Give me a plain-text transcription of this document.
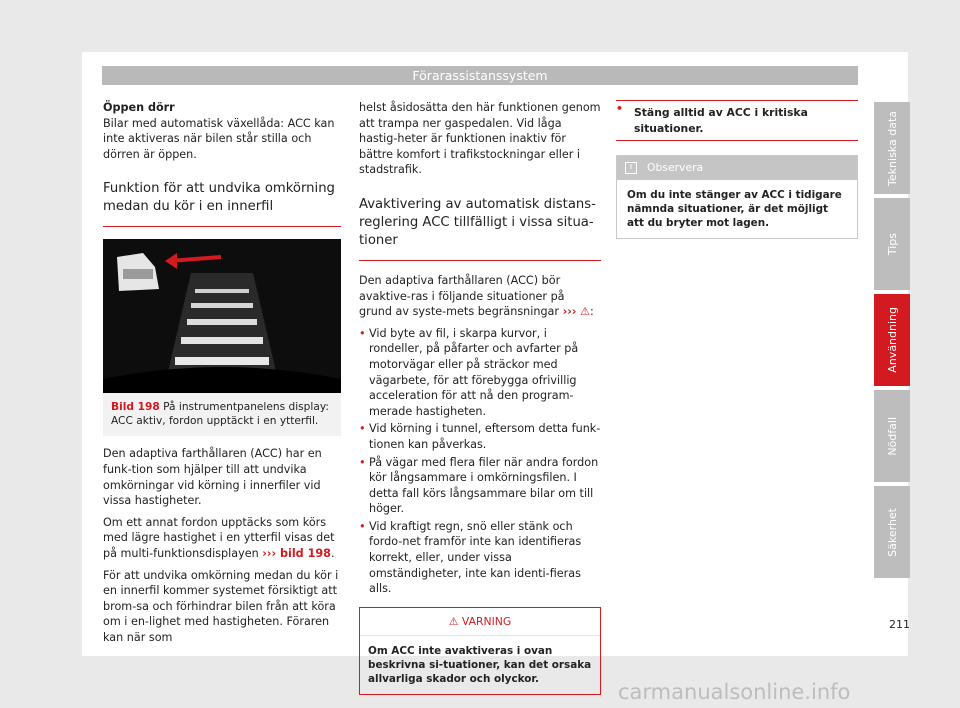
Förarassistanssystem
Öppen dörr
Bilar med automatisk växellåda: ACC kan inte aktiveras när bilen står stilla och dörren är öppen.
Funktion för att undvika omkörning medan du kör i en innerfil
Bild 198 På instrumentpanelens display: ACC aktiv, fordon upptäckt i en ytterfil.
Den adaptiva farthållaren (ACC) har en funk-tion som hjälper till att undvika omkörningar vid körning i innerfiler vid vissa hastigheter.
Om ett annat fordon upptäcks som körs med lägre hastighet i en ytterfil visas det på multi-funktionsdisplayen ››› bild 198.
För att undvika omkörning medan du kör i en innerfil kommer systemet försiktigt att brom-sa och förhindrar bilen från att köra om i en-lighet med hastigheten. Föraren kan när som
helst åsidosätta den här funktionen genom att trampa ner gaspedalen. Vid låga hastig-heter är funktionen inaktiv för bättre komfort i trafikstockningar eller i stadstrafik.
Avaktivering av automatisk distans-reglering ACC tillfälligt i vissa situa-tioner
Den adaptiva farthållaren (ACC) bör avaktive-ras i följande situationer på grund av syste-mets begränsningar ››› ⚠:
• Vid byte av fil, i skarpa kurvor, i rondeller, på påfarter och avfarter på motorvägar eller på sträckor med vägarbete, för att förebygga ofrivillig acceleration för att nå den program-merade hastigheten.
• Vid körning i tunnel, eftersom detta funk-tionen kan påverkas.
• På vägar med flera filer när andra fordon kör långsammare i omkörningsfilen. I detta fall körs långsammare bilar om till höger.
• Vid kraftigt regn, snö eller stänk och fordo-net framför inte kan identifieras korrekt, eller, under vissa omständigheter, inte kan identi-fieras alls.
⚠ VARNING
Om ACC inte avaktiveras i ovan beskrivna si-tuationer, kan det orsaka allvarliga skador och olyckor.
• Stäng alltid av ACC i kritiska situationer.
i	Observera
Om du inte stänger av ACC i tidigare nämnda situationer, är det möjligt att du bryter mot lagen.
Tekniska data
Tips
Användning
Nödfall
Säkerhet
211
carmanualsonline.info
